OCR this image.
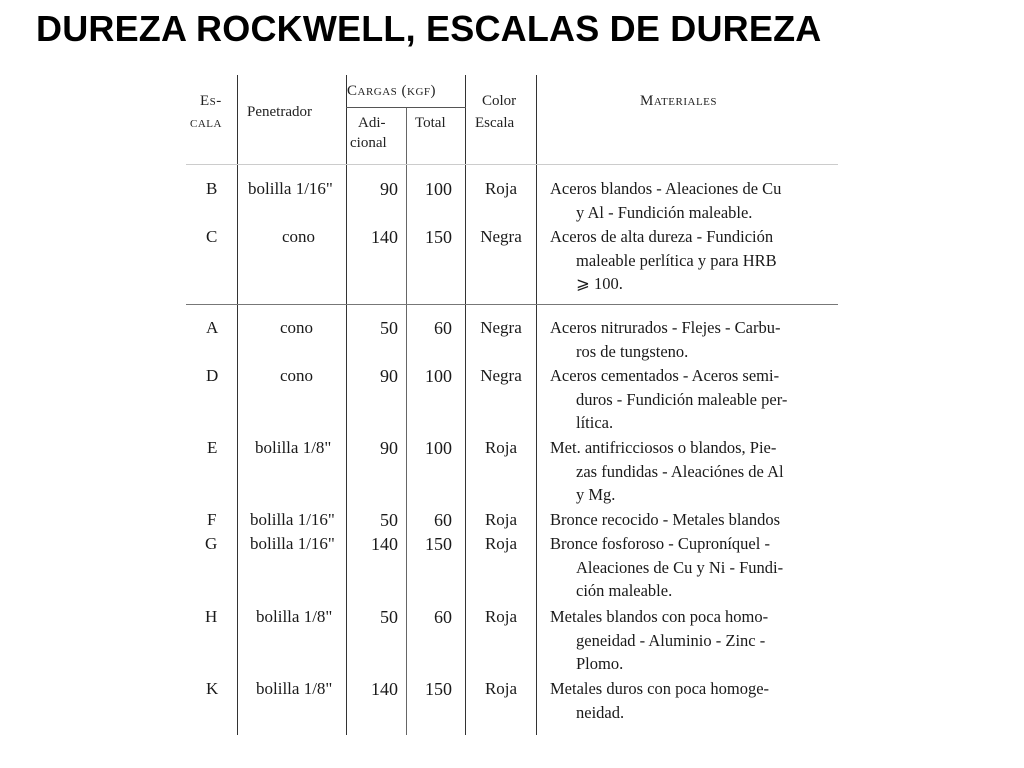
DUREZA ROCKWELL, ESCALAS DE DUREZA
Es-
cala
Penetrador
Cargas (kgf)
Adi-
cional
Total
Color
Escala
Materiales
B
C
A
D
E
F
G
H
K
bolilla 1/16"
cono
cono
cono
bolilla 1/8"
bolilla 1/16"
bolilla 1/16"
bolilla 1/8"
bolilla 1/8"
90
140
50
90
90
50
140
50
140
100
150
60
100
100
60
150
60
150
Roja
Negra
Negra
Negra
Roja
Roja
Roja
Roja
Roja
Aceros blandos - Aleaciones de Cu
y Al - Fundición maleable.
Aceros de alta dureza - Fundición
maleable perlítica y para HRB
⩾ 100.
Aceros nitrurados - Flejes - Carbu-
ros de tungsteno.
Aceros cementados - Aceros semi-
duros - Fundición maleable per-
lítica.
Met. antifricciosos o blandos, Pie-
zas fundidas - Aleaciónes de Al
y Mg.
Bronce recocido - Metales blandos
Bronce fosforoso - Cuproníquel -
Aleaciones de Cu y Ni - Fundi-
ción maleable.
Metales blandos con poca homo-
geneidad - Aluminio - Zinc -
Plomo.
Metales duros con poca homoge-
neidad.
